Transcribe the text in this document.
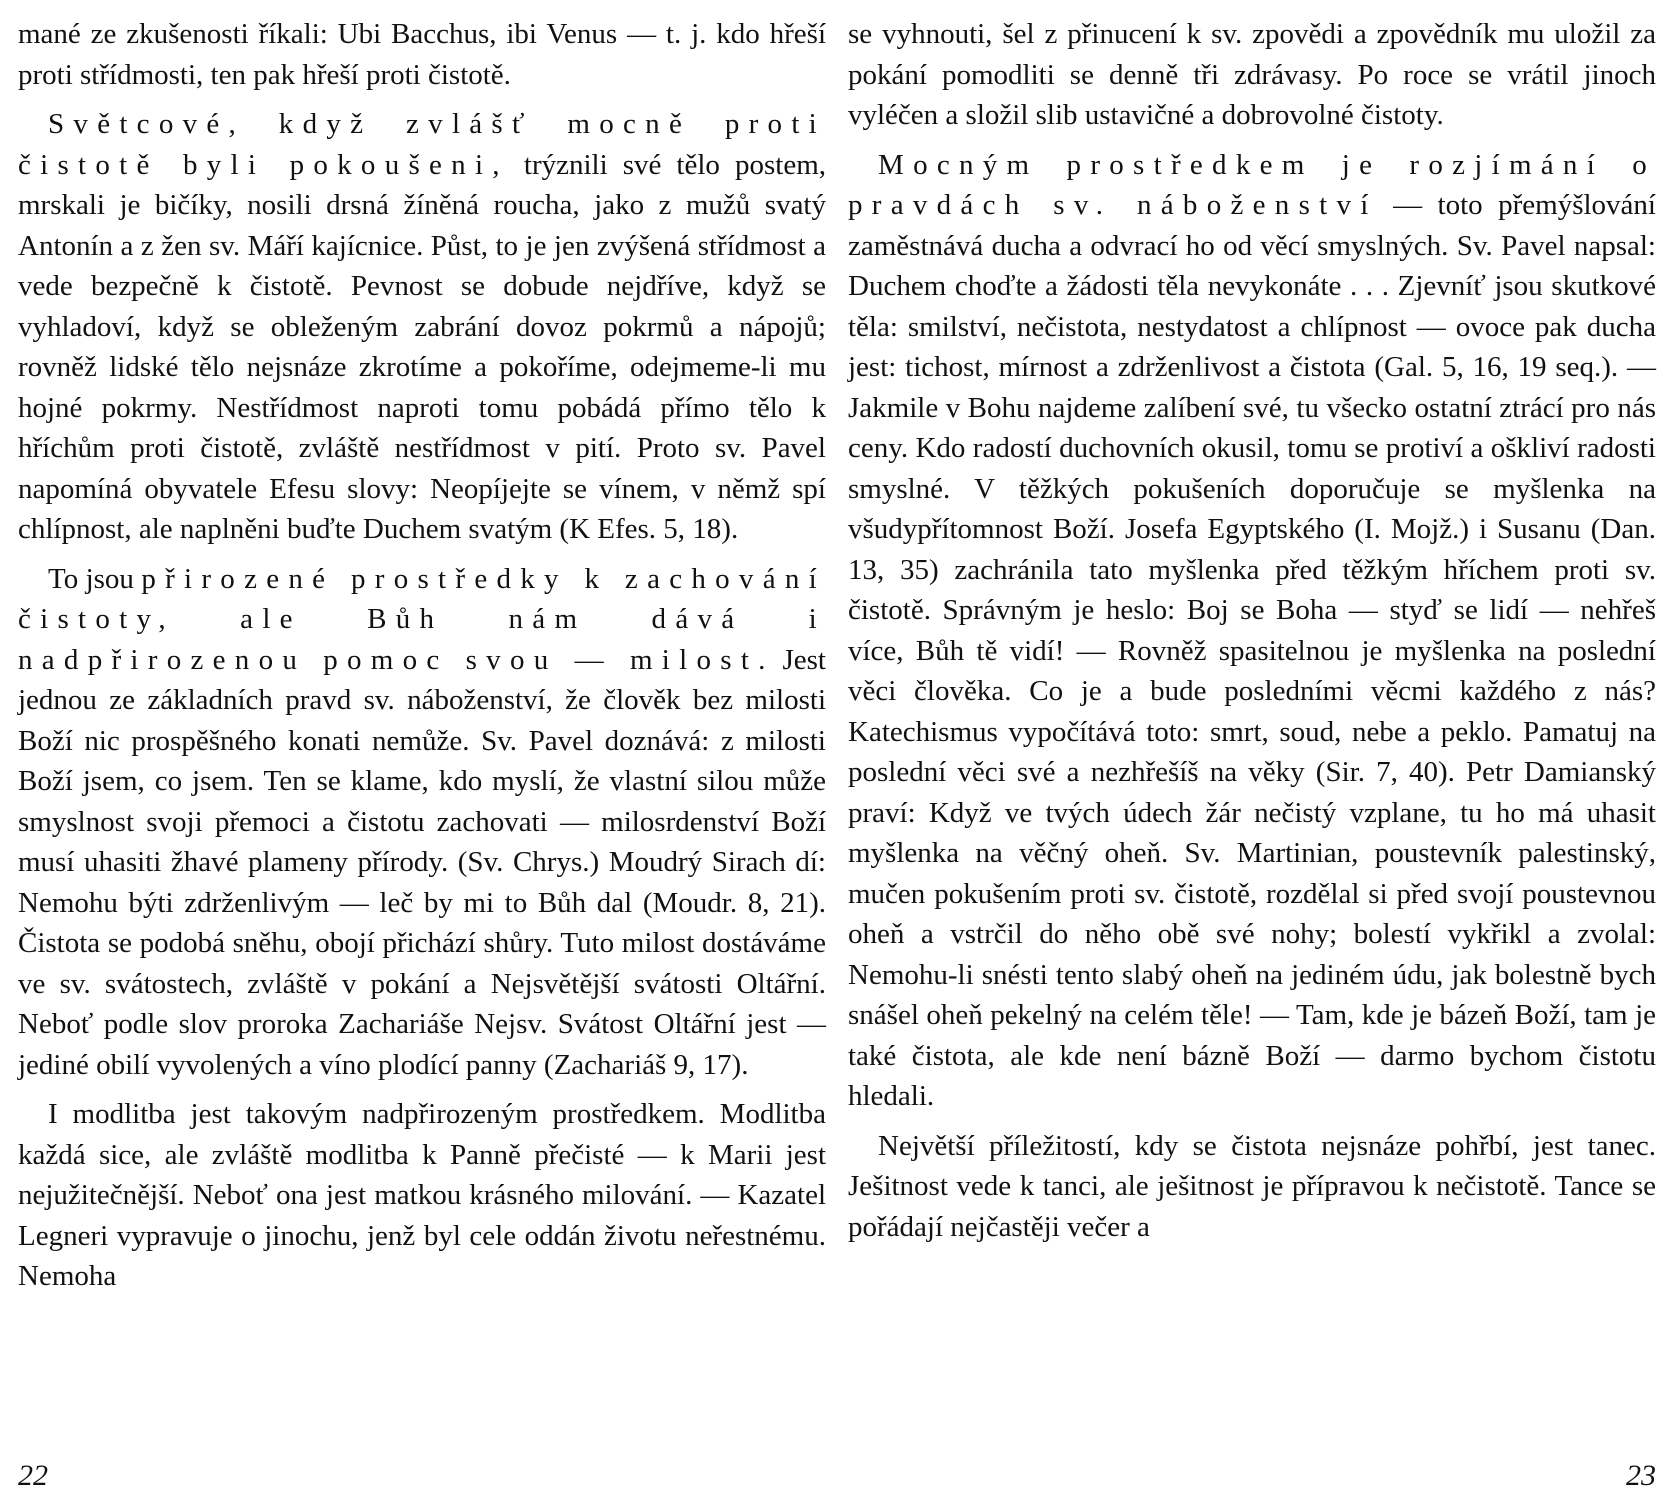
mané ze zkušenosti říkali: Ubi Bacchus, ibi Venus — t. j. kdo hřeší proti střídmosti, ten pak hřeší proti čistotě.

Světcové, když zvlášť mocně proti čistotě byli pokoušeni, trýznili své tělo postem, mrskali je bičíky, nosili drsná žíněná roucha, jako z mužů svatý Antonín a z žen sv. Máří kajícnice. Půst, to je jen zvýšená střídmost a vede bezpečně k čistotě. Pevnost se dobude nejdříve, když se vyhladoví, když se obleženým zabrání dovoz pokrmů a nápojů; rovněž lidské tělo nejsnáze zkrotíme a pokoříme, odejmeme-li mu hojné pokrmy. Nestřídmost naproti tomu pobádá přímo tělo k hříchům proti čistotě, zvláště nestřídmost v pití. Proto sv. Pavel napomíná obyvatele Efesu slovy: Neopíjejte se vínem, v němž spí chlípnost, ale naplněni buďte Duchem svatým (K Efes. 5, 18).

To jsou přirozené prostředky k zachování čistoty, ale Bůh nám dává i nadpřirozenou pomoc svou — milost. Jest jednou ze základních pravd sv. náboženství, že člověk bez milosti Boží nic prospěšného konati nemůže. Sv. Pavel doznává: z milosti Boží jsem, co jsem. Ten se klame, kdo myslí, že vlastní silou může smyslnost svoji přemoci a čistotu zachovati — milosrdenství Boží musí uhasiti žhavé plameny přírody. (Sv. Chrys.) Moudrý Sirach dí: Nemohu býti zdrženlivým — leč by mi to Bůh dal (Moudr. 8, 21). Čistota se podobá sněhu, obojí přichází shůry. Tuto milost dostáváme ve sv. svátostech, zvláště v pokání a Nejsvětější svátosti Oltářní. Neboť podle slov proroka Zachariáše Nejsv. Svátost Oltářní jest — jediné obilí vyvolených a víno plodící panny (Zachariáš 9, 17).

I modlitba jest takovým nadpřirozeným prostředkem. Modlitba každá sice, ale zvláště modlitba k Panně přečisté — k Marii jest nejužitečnější. Neboť ona jest matkou krásného milování. — Kazatel Legneri vypravuje o jinochu, jenž byl cele oddán životu neřestnému. Nemoha

22

se vyhnouti, šel z přinucení k sv. zpovědi a zpovědník mu uložil za pokání pomodliti se denně tři zdrávasy. Po roce se vrátil jinoch vyléčen a složil slib ustavičné a dobrovolné čistoty.

Mocným prostředkem je rozjímání o pravdách sv. náboženství — toto přemýšlování zaměstnává ducha a odvrací ho od věcí smyslných. Sv. Pavel napsal: Duchem choďte a žádosti těla nevykonáte . . . Zjevníť jsou skutkové těla: smilství, nečistota, nestydatost a chlípnost — ovoce pak ducha jest: tichost, mírnost a zdrženlivost a čistota (Gal. 5, 16, 19 seq.). — Jakmile v Bohu najdeme zalíbení své, tu všecko ostatní ztrácí pro nás ceny. Kdo radostí duchovních okusil, tomu se protiví a oškliví radosti smyslné. V těžkých pokušeních doporučuje se myšlenka na všudypřítomnost Boží. Josefa Egyptského (I. Mojž.) i Susanu (Dan. 13, 35) zachránila tato myšlenka před těžkým hříchem proti sv. čistotě. Správným je heslo: Boj se Boha — styď se lidí — nehřeš více, Bůh tě vidí! — Rovněž spasitelnou je myšlenka na poslední věci člověka. Co je a bude posledními věcmi každého z nás? Katechismus vypočítává toto: smrt, soud, nebe a peklo. Pamatuj na poslední věci své a nezhřešíš na věky (Sir. 7, 40). Petr Damianský praví: Když ve tvých údech žár nečistý vzplane, tu ho má uhasit myšlenka na věčný oheň. Sv. Martinian, poustevník palestinský, mučen pokušením proti sv. čistotě, rozdělal si před svojí poustevnou oheň a vstrčil do něho obě své nohy; bolestí vykřikl a zvolal: Nemohu-li snésti tento slabý oheň na jediném údu, jak bolestně bych snášel oheň pekelný na celém těle! — Tam, kde je bázeň Boží, tam je také čistota, ale kde není bázně Boží — darmo bychom čistotu hledali.

Největší příležitostí, kdy se čistota nejsnáze pohřbí, jest tanec. Ješitnost vede k tanci, ale ješitnost je přípravou k nečistotě. Tance se pořádají nejčastěji večer a

23
